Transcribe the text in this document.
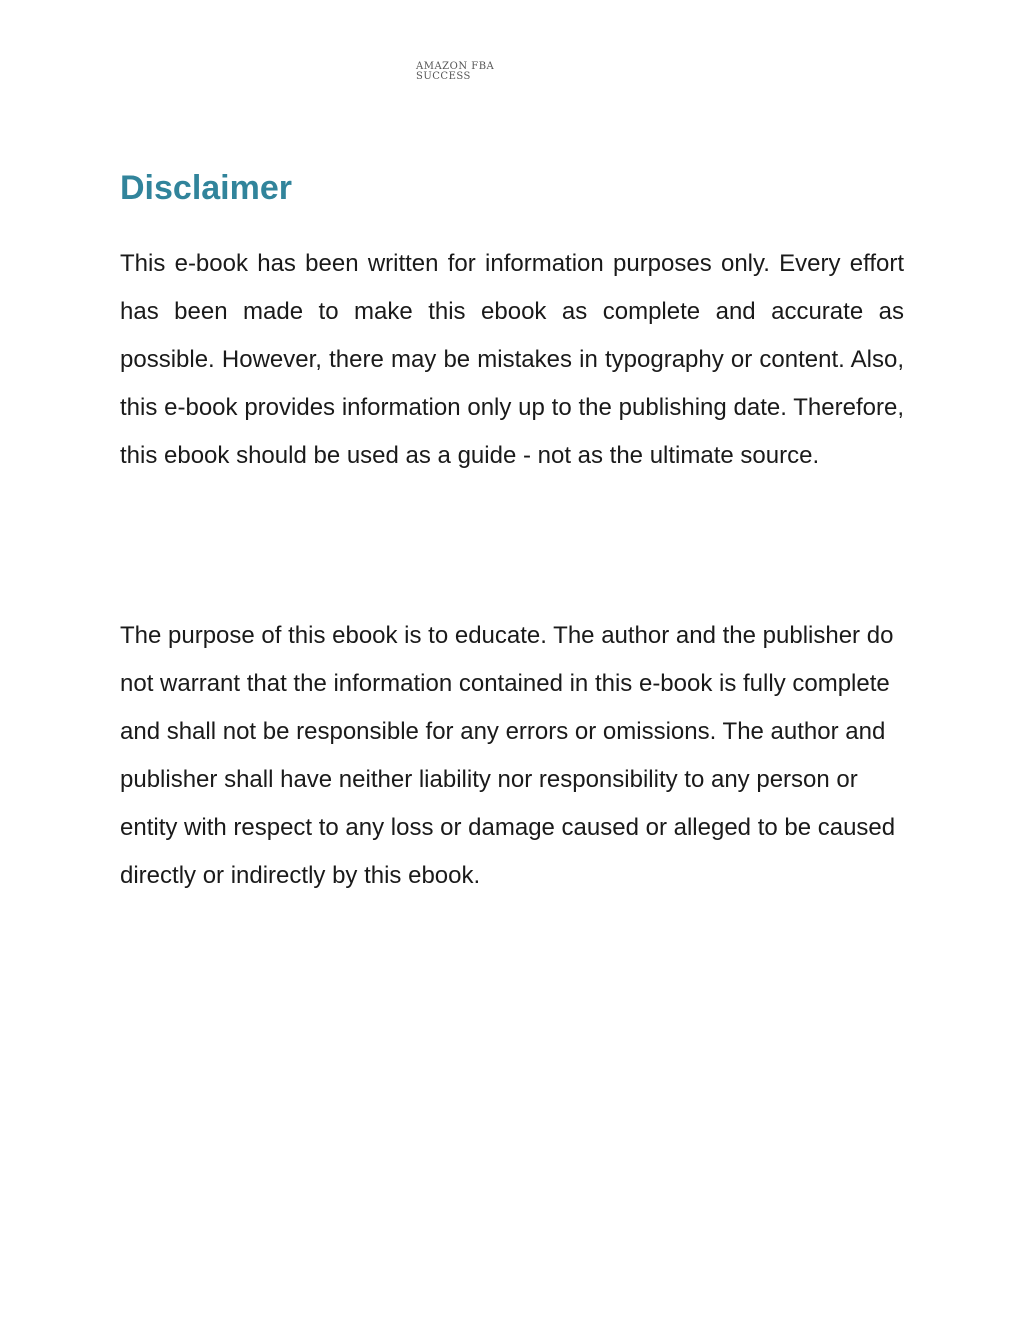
AMAZON FBA
SUCCESS
Disclaimer

This e-book has been written for information purposes only. Every effort has been made to make this ebook as complete and accurate as possible. However, there may be mistakes in typography or content. Also, this e-book provides information only up to the publishing date. Therefore, this ebook should be used as a guide - not as the ultimate source.

The purpose of this ebook is to educate. The author and the publisher do not warrant that the information contained in this e-book is fully complete and shall not be responsible for any errors or omissions. The author and publisher shall have neither liability nor responsibility to any person or entity with respect to any loss or damage caused or alleged to be caused directly or indirectly by this ebook.
